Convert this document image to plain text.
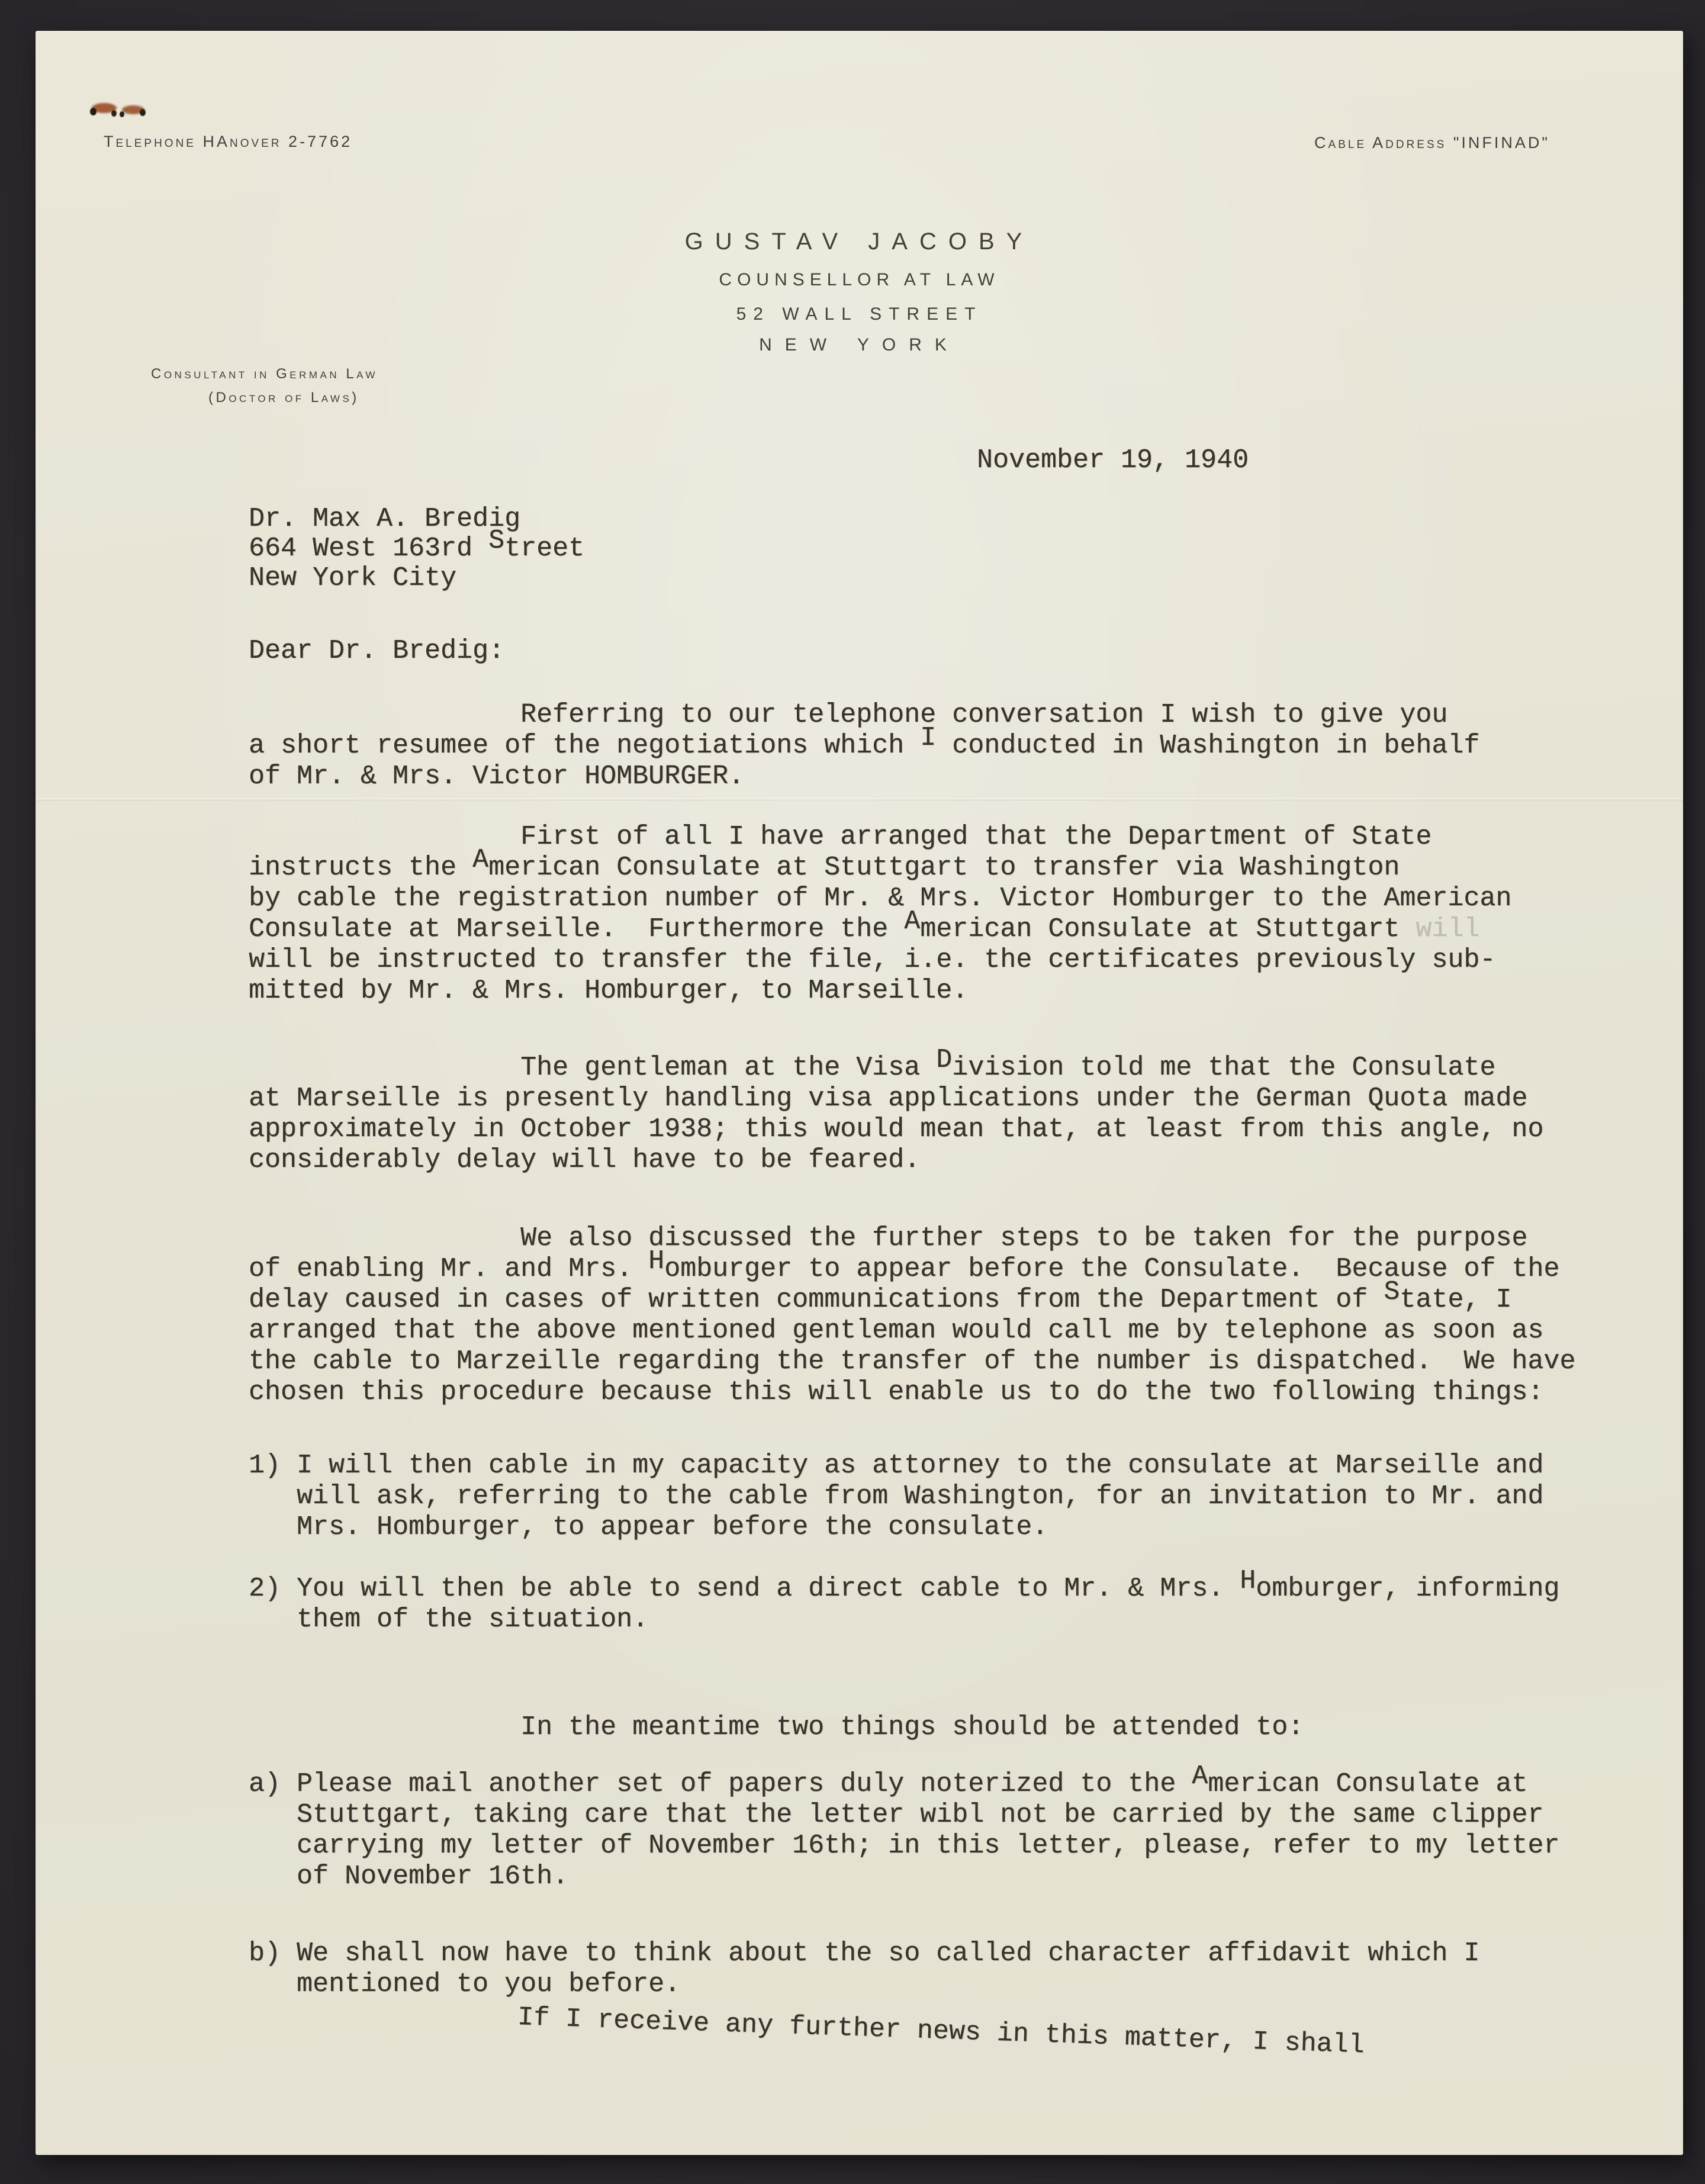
Telephone HAnover 2-7762	Cable Address "INFINAD"
GUSTAV JACOBY
COUNSELLOR AT LAW
52 WALL STREET
NEW YORK
Consultant in German Law
(Doctor of Laws)
November 19, 1940
Dr. Max A. Bredig
664 West 163rd Street
New York City
Dear Dr. Bredig:
Referring to our telephone conversation I wish to give you
a short resumee of the negotiations which I conducted in Washington in behalf
of Mr. & Mrs. Victor HOMBURGER.
First of all I have arranged that the Department of State
instructs the American Consulate at Stuttgart to transfer via Washington
by cable the registration number of Mr. & Mrs. Victor Homburger to the American
Consulate at Marseille.  Furthermore the American Consulate at Stuttgart will
will be instructed to transfer the file, i.e. the certificates previously sub-
mitted by Mr. & Mrs. Homburger, to Marseille.
The gentleman at the Visa Division told me that the Consulate
at Marseille is presently handling visa applications under the German Quota made
approximately in October 1938; this would mean that, at least from this angle, no
considerably delay will have to be feared.
We also discussed the further steps to be taken for the purpose
of enabling Mr. and Mrs. Homburger to appear before the Consulate.  Because of the
delay caused in cases of written communications from the Department of State, I
arranged that the above mentioned gentleman would call me by telephone as soon as
the cable to Marzeille regarding the transfer of the number is dispatched.  We have
chosen this procedure because this will enable us to do the two following things:
1) I will then cable in my capacity as attorney to the consulate at Marseille and
will ask, referring to the cable from Washington, for an invitation to Mr. and
Mrs. Homburger, to appear before the consulate.
2) You will then be able to send a direct cable to Mr. & Mrs. Homburger, informing
them of the situation.
In the meantime two things should be attended to:
a) Please mail another set of papers duly noterized to the American Consulate at
Stuttgart, taking care that the letter wibl not be carried by the same clipper
carrying my letter of November 16th; in this letter, please, refer to my letter
of November 16th.
b) We shall now have to think about the so called character affidavit which I
mentioned to you before.
If I receive any further news in this matter, I shall
